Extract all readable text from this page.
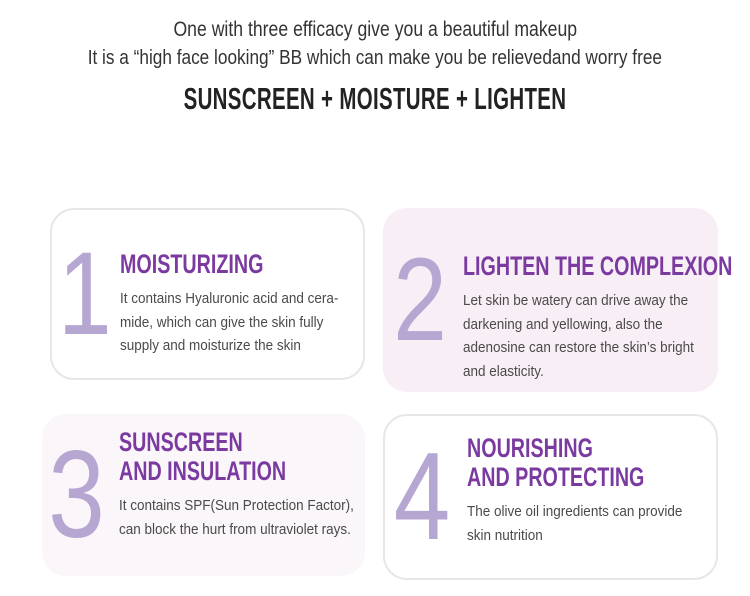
One with three efficacy give you a beautiful makeup

It is a “high face looking” BB which can make you be relievedand worry free

SUNSCREEN + MOISTURE + LIGHTEN
1 MOISTURIZING
It contains Hyaluronic acid and cera-
mide, which can give the skin fully
supply and moisturize the skin 2 LIGHTEN THE COMPLEXION
Let skin be watery can drive away the
darkening and yellowing, also the
adenosine can restore the skin’s bright
and elasticity.
3 SUNSCREEN
AND INSULATION
It contains SPF(Sun Protection Factor),
can block the hurt from ultraviolet rays. 4 NOURISHING
AND PROTECTING
The olive oil ingredients can provide
skin nutrition
